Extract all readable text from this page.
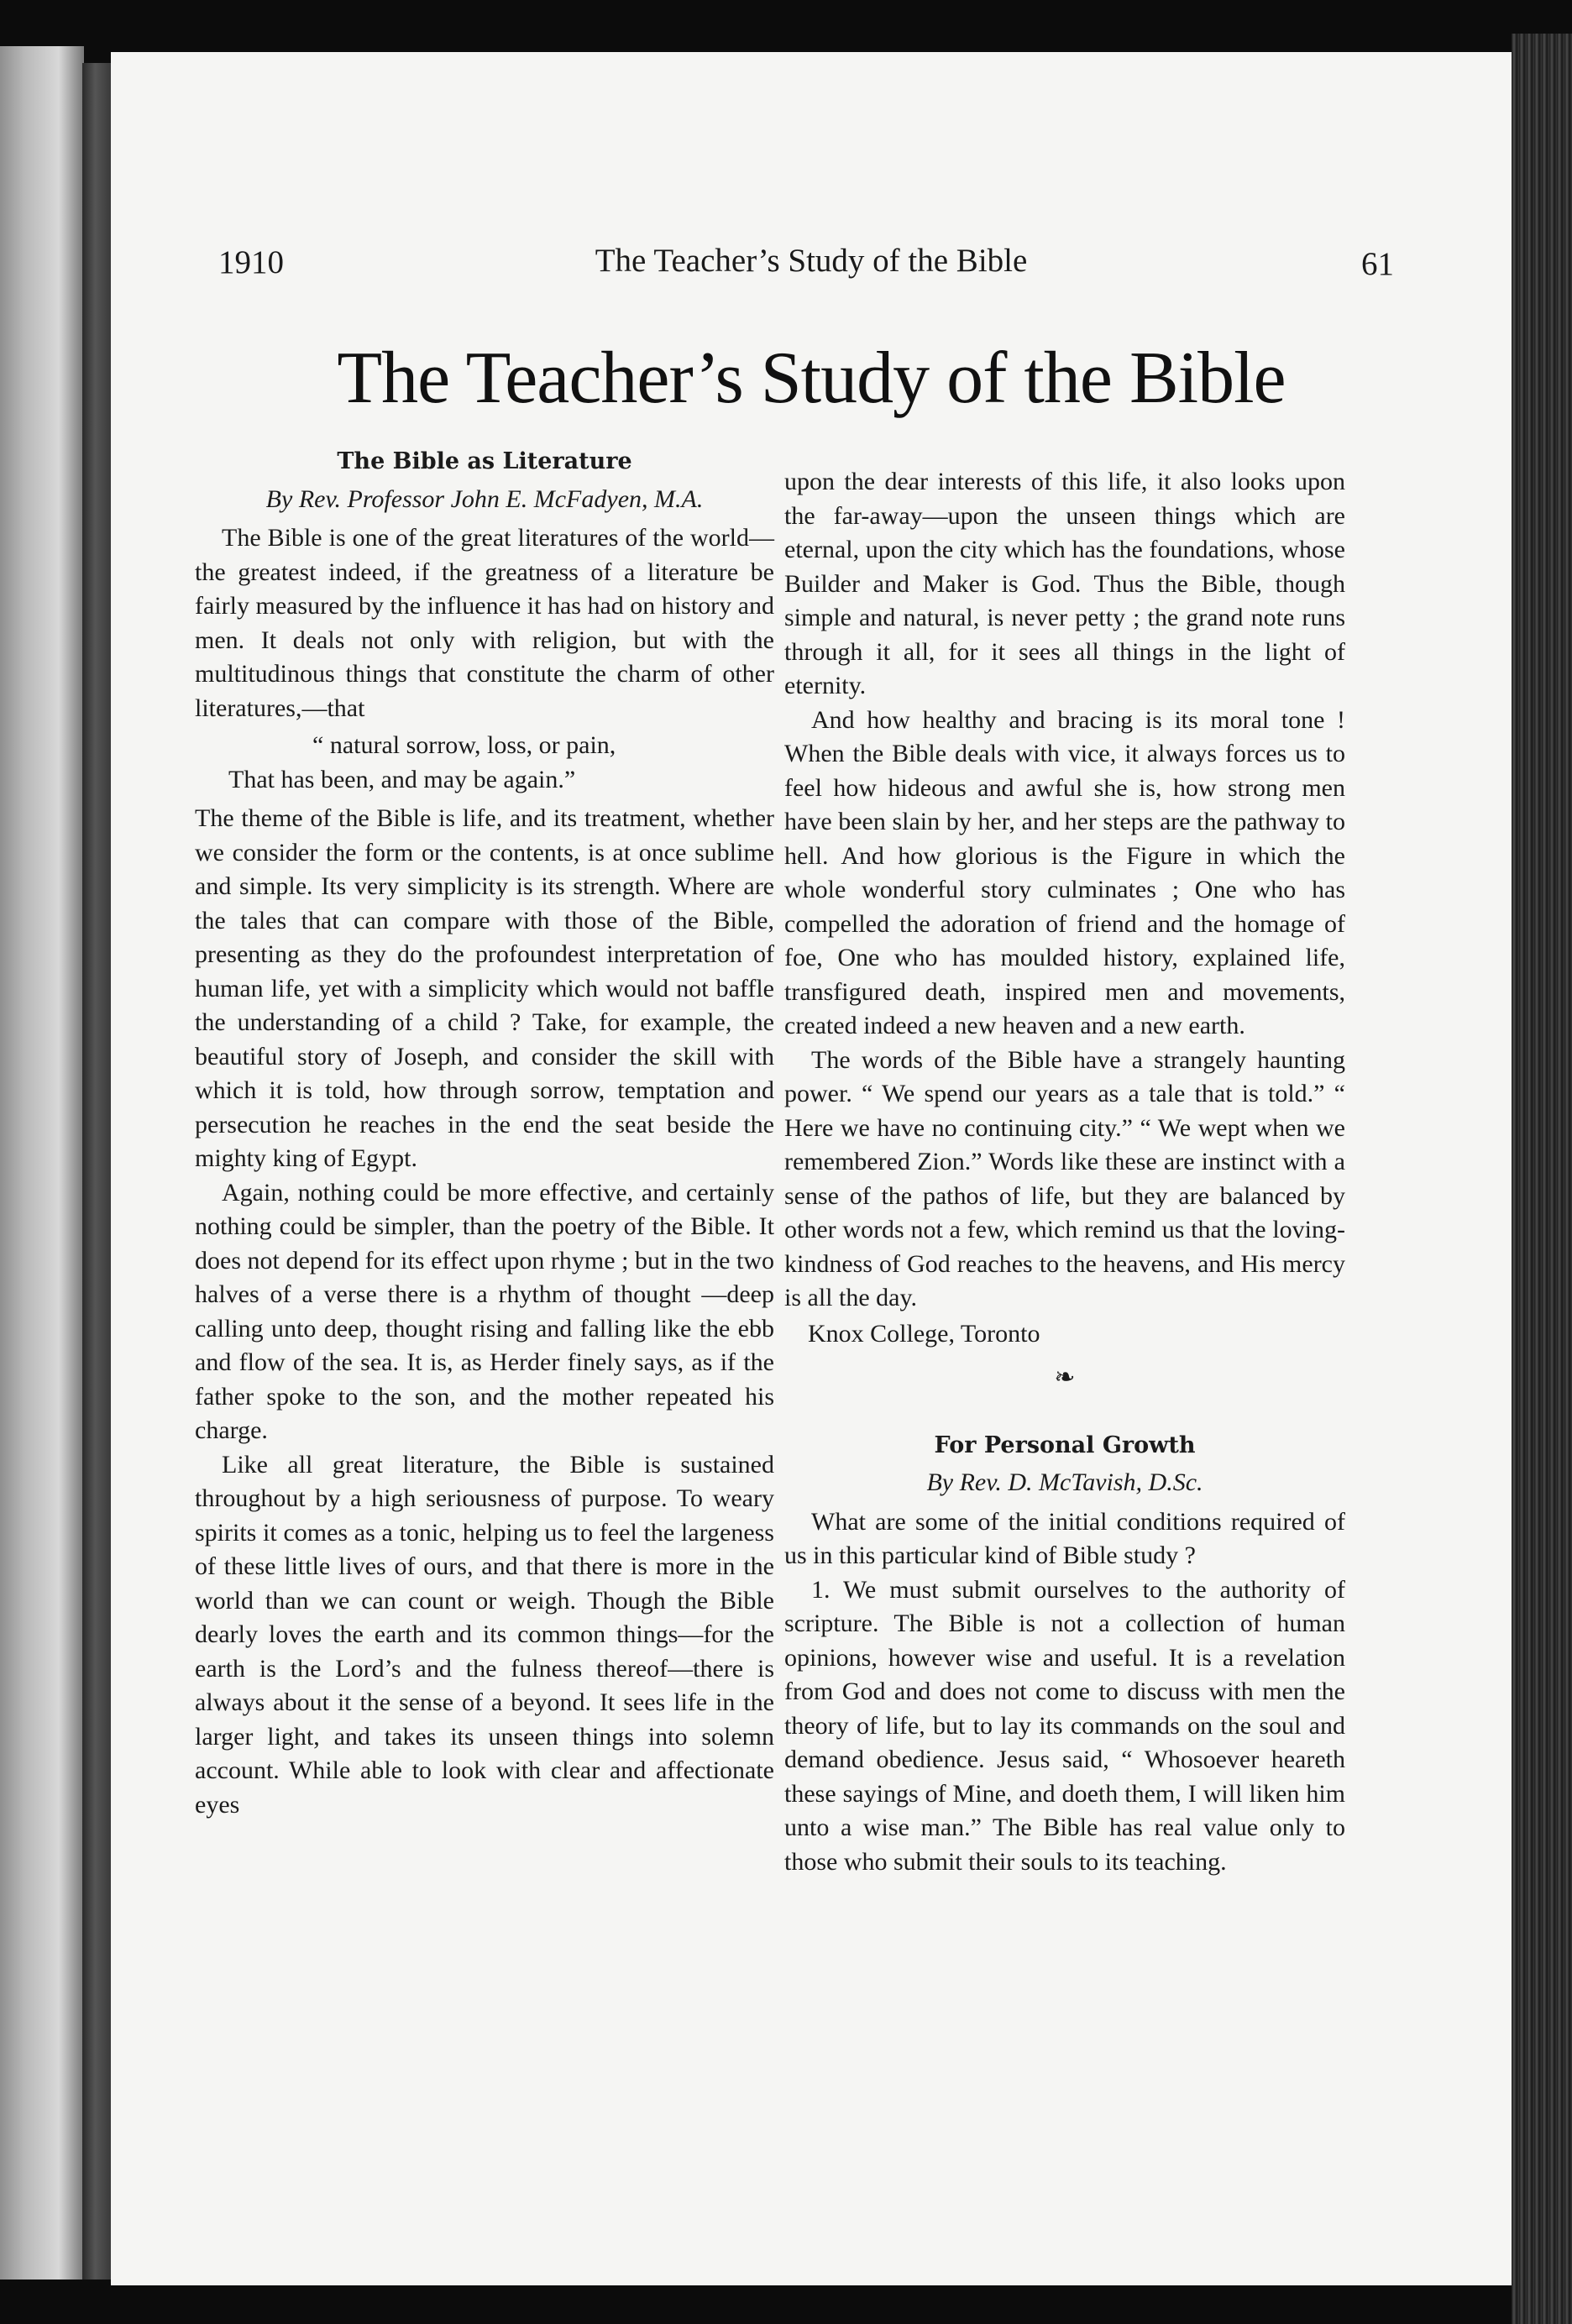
1910	The Teacher’s Study of the Bible	61
The Teacher’s Study of the Bible
The Bible as Literature
By Rev. Professor John E. McFadyen, M.A.

The Bible is one of the great literatures of the world—the greatest indeed, if the greatness of a literature be fairly measured by the influence it has had on history and men. It deals not only with religion, but with the multitudinous things that constitute the charm of other literatures,—that

“ natural sorrow, loss, or pain,
That has been, and may be again.”

The theme of the Bible is life, and its treatment, whether we consider the form or the contents, is at once sublime and simple. Its very simplicity is its strength. Where are the tales that can compare with those of the Bible, presenting as they do the profoundest interpretation of human life, yet with a simplicity which would not baffle the understanding of a child ? Take, for example, the beautiful story of Joseph, and consider the skill with which it is told, how through sorrow, temptation and persecution he reaches in the end the seat beside the mighty king of Egypt.

Again, nothing could be more effective, and certainly nothing could be simpler, than the poetry of the Bible. It does not depend for its effect upon rhyme ; but in the two halves of a verse there is a rhythm of thought —deep calling unto deep, thought rising and falling like the ebb and flow of the sea. It is, as Herder finely says, as if the father spoke to the son, and the mother repeated his charge.

Like all great literature, the Bible is sustained throughout by a high seriousness of purpose. To weary spirits it comes as a tonic, helping us to feel the largeness of these little lives of ours, and that there is more in the world than we can count or weigh. Though the Bible dearly loves the earth and its common things—for the earth is the Lord’s and the fulness thereof—there is always about it the sense of a beyond. It sees life in the larger light, and takes its unseen things into solemn account. While able to look with clear and affectionate eyes

upon the dear interests of this life, it also looks upon the far-away—upon the unseen things which are eternal, upon the city which has the foundations, whose Builder and Maker is God. Thus the Bible, though simple and natural, is never petty ; the grand note runs through it all, for it sees all things in the light of eternity.

And how healthy and bracing is its moral tone ! When the Bible deals with vice, it always forces us to feel how hideous and awful she is, how strong men have been slain by her, and her steps are the pathway to hell. And how glorious is the Figure in which the whole wonderful story culminates ; One who has compelled the adoration of friend and the homage of foe, One who has moulded history, explained life, transfigured death, inspired men and movements, created indeed a new heaven and a new earth.

The words of the Bible have a strangely haunting power. “ We spend our years as a tale that is told.” “ Here we have no continuing city.” “ We wept when we remembered Zion.” Words like these are instinct with a sense of the pathos of life, but they are balanced by other words not a few, which remind us that the loving-kindness of God reaches to the heavens, and His mercy is all the day.

Knox College, Toronto
❧
For Personal Growth
By Rev. D. McTavish, D.Sc.

What are some of the initial conditions required of us in this particular kind of Bible study ?

1. We must submit ourselves to the authority of scripture. The Bible is not a collection of human opinions, however wise and useful. It is a revelation from God and does not come to discuss with men the theory of life, but to lay its commands on the soul and demand obedience. Jesus said, “ Whosoever heareth these sayings of Mine, and doeth them, I will liken him unto a wise man.” The Bible has real value only to those who submit their souls to its teaching.
